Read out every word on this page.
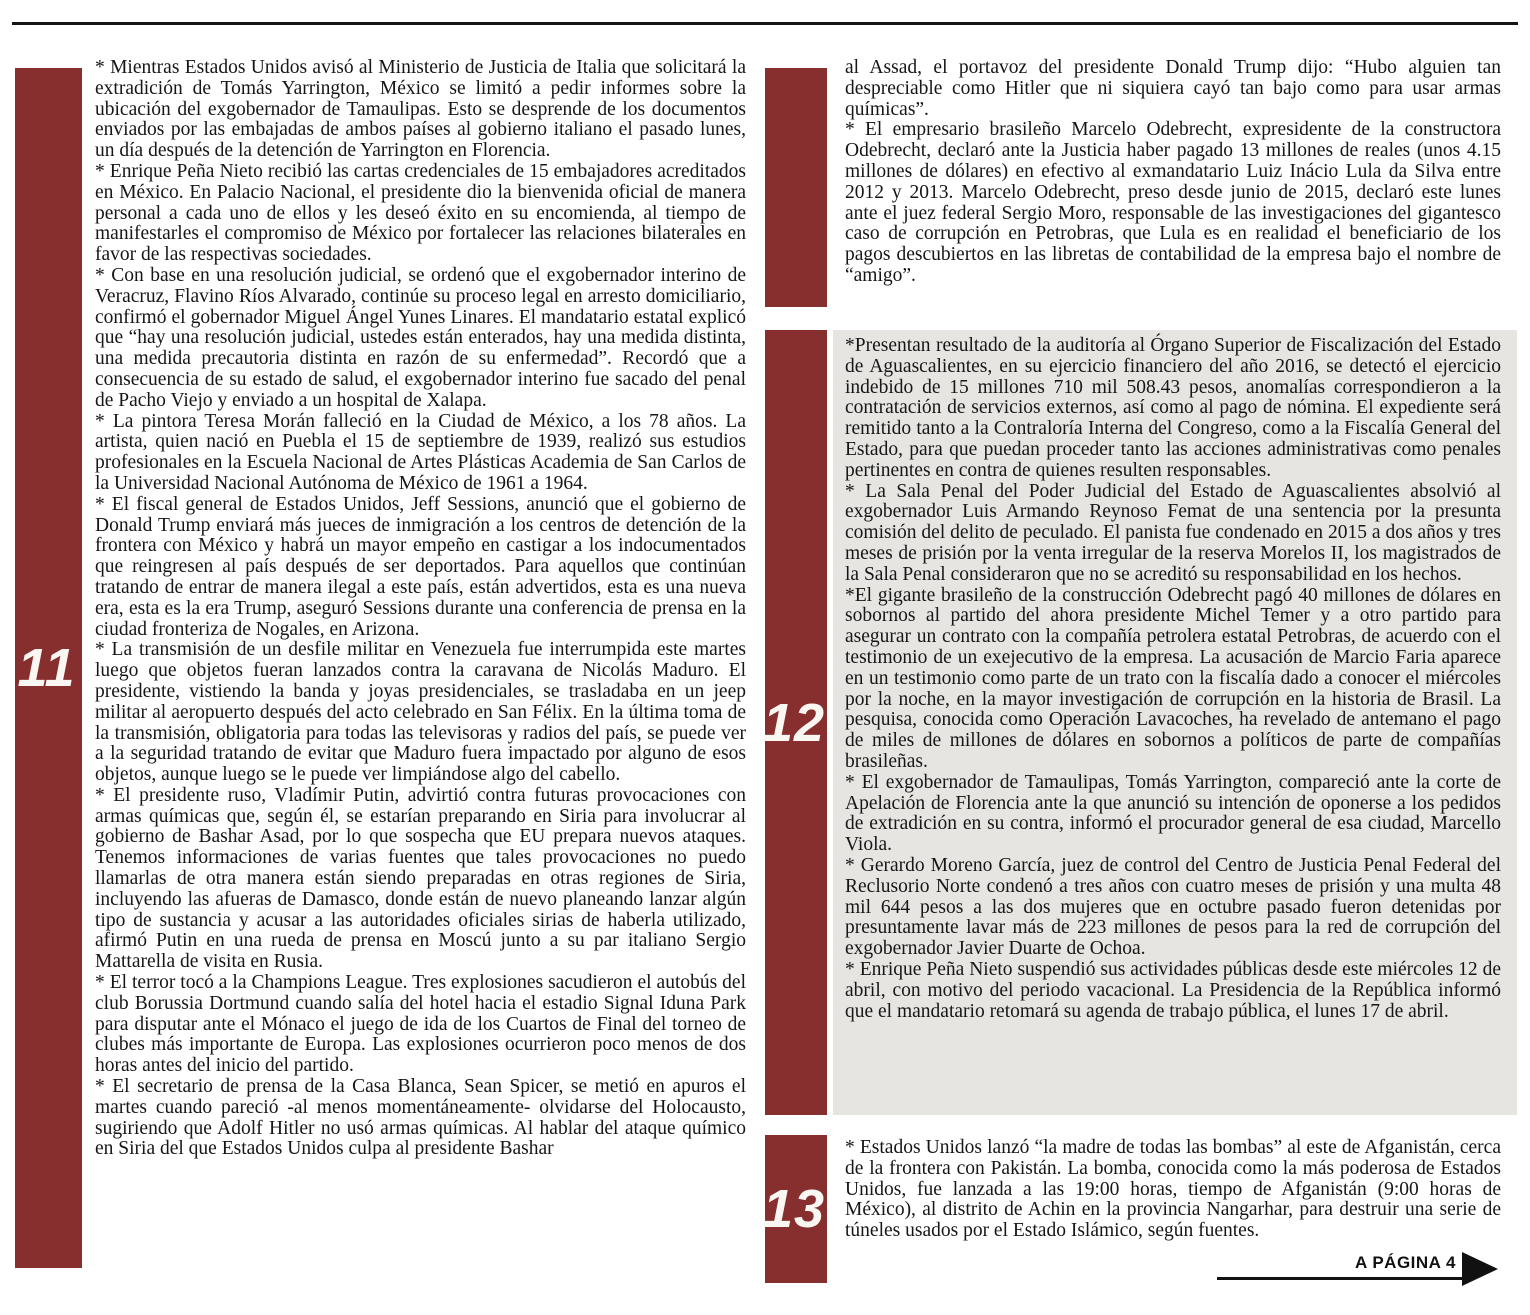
11

* Mientras Estados Unidos avisó al Ministerio de Justicia de Italia que solicitará la extradición de Tomás Yarrington, México se limitó a pedir informes sobre la ubicación del exgobernador de Tamaulipas. Esto se desprende de los documentos enviados por las embajadas de ambos países al gobierno italiano el pasado lunes, un día después de la detención de Yarrington en Florencia.

* Enrique Peña Nieto recibió las cartas credenciales de 15 embajadores acreditados en México. En Palacio Nacional, el presidente dio la bienvenida oficial de manera personal a cada uno de ellos y les deseó éxito en su encomienda, al tiempo de manifestarles el compromiso de México por fortalecer las relaciones bilaterales en favor de las respectivas sociedades.

* Con base en una resolución judicial, se ordenó que el exgobernador interino de Veracruz, Flavino Ríos Alvarado, continúe su proceso legal en arresto domiciliario, confirmó el gobernador Miguel Ángel Yunes Linares. El mandatario estatal explicó que “hay una resolución judicial, ustedes están enterados, hay una medida distinta, una medida precautoria distinta en razón de su enfermedad”. Recordó que a consecuencia de su estado de salud, el exgobernador interino fue sacado del penal de Pacho Viejo y enviado a un hospital de Xalapa.

* La pintora Teresa Morán falleció en la Ciudad de México, a los 78 años. La artista, quien nació en Puebla el 15 de septiembre de 1939, realizó sus estudios profesionales en la Escuela Nacional de Artes Plásticas Academia de San Carlos de la Universidad Nacional Autónoma de México de 1961 a 1964.

* El fiscal general de Estados Unidos, Jeff Sessions, anunció que el gobierno de Donald Trump enviará más jueces de inmigración a los centros de detención de la frontera con México y habrá un mayor empeño en castigar a los indocumentados que reingresen al país después de ser deportados. Para aquellos que continúan tratando de entrar de manera ilegal a este país, están advertidos, esta es una nueva era, esta es la era Trump, aseguró Sessions durante una conferencia de prensa en la ciudad fronteriza de Nogales, en Arizona.

* La transmisión de un desfile militar en Venezuela fue interrumpida este martes luego que objetos fueran lanzados contra la caravana de Nicolás Maduro. El presidente, vistiendo la banda y joyas presidenciales, se trasladaba en un jeep militar al aeropuerto después del acto celebrado en San Félix. En la última toma de la transmisión, obligatoria para todas las televisoras y radios del país, se puede ver a la seguridad tratando de evitar que Maduro fuera impactado por alguno de esos objetos, aunque luego se le puede ver limpiándose algo del cabello.

* El presidente ruso, Vladímir Putin, advirtió contra futuras provocaciones con armas químicas que, según él, se estarían preparando en Siria para involucrar al gobierno de Bashar Asad, por lo que sospecha que EU prepara nuevos ataques. Tenemos informaciones de varias fuentes que tales provocaciones no puedo llamarlas de otra manera están siendo preparadas en otras regiones de Siria, incluyendo las afueras de Damasco, donde están de nuevo planeando lanzar algún tipo de sustancia y acusar a las autoridades oficiales sirias de haberla utilizado, afirmó Putin en una rueda de prensa en Moscú junto a su par italiano Sergio Mattarella de visita en Rusia.

* El terror tocó a la Champions League. Tres explosiones sacudieron el autobús del club Borussia Dortmund cuando salía del hotel hacia el estadio Signal Iduna Park para disputar ante el Mónaco el juego de ida de los Cuartos de Final del torneo de clubes más importante de Europa. Las explosiones ocurrieron poco menos de dos horas antes del inicio del partido.

* El secretario de prensa de la Casa Blanca, Sean Spicer, se metió en apuros el martes cuando pareció -al menos momentáneamente- olvidarse del Holocausto, sugiriendo que Adolf Hitler no usó armas químicas. Al hablar del ataque químico en Siria del que Estados Unidos culpa al presidente Bashar

al Assad, el portavoz del presidente Donald Trump dijo: “Hubo alguien tan despreciable como Hitler que ni siquiera cayó tan bajo como para usar armas químicas”.

* El empresario brasileño Marcelo Odebrecht, expresidente de la constructora Odebrecht, declaró ante la Justicia haber pagado 13 millones de reales (unos 4.15 millones de dólares) en efectivo al exmandatario Luiz Inácio Lula da Silva entre 2012 y 2013. Marcelo Odebrecht, preso desde junio de 2015, declaró este lunes ante el juez federal Sergio Moro, responsable de las investigaciones del gigantesco caso de corrupción en Petrobras, que Lula es en realidad el beneficiario de los pagos descubiertos en las libretas de contabilidad de la empresa bajo el nombre de “amigo”.

12

*Presentan resultado de la auditoría al Órgano Superior de Fiscalización del Estado de Aguascalientes, en su ejercicio financiero del año 2016, se detectó el ejercicio indebido de 15 millones 710 mil 508.43 pesos, anomalías correspondieron a la contratación de servicios externos, así como al pago de nómina. El expediente será remitido tanto a la Contraloría Interna del Congreso, como a la Fiscalía General del Estado, para que puedan proceder tanto las acciones administrativas como penales pertinentes en contra de quienes resulten responsables.

* La Sala Penal del Poder Judicial del Estado de Aguascalientes absolvió al exgobernador Luis Armando Reynoso Femat de una sentencia por la presunta comisión del delito de peculado. El panista fue condenado en 2015 a dos años y tres meses de prisión por la venta irregular de la reserva Morelos II, los magistrados de la Sala Penal consideraron que no se acreditó su responsabilidad en los hechos.

*El gigante brasileño de la construcción Odebrecht pagó 40 millones de dólares en sobornos al partido del ahora presidente Michel Temer y a otro partido para asegurar un contrato con la compañía petrolera estatal Petrobras, de acuerdo con el testimonio de un exejecutivo de la empresa. La acusación de Marcio Faria aparece en un testimonio como parte de un trato con la fiscalía dado a conocer el miércoles por la noche, en la mayor investigación de corrupción en la historia de Brasil. La pesquisa, conocida como Operación Lavacoches, ha revelado de antemano el pago de miles de millones de dólares en sobornos a políticos de parte de compañías brasileñas.

* El exgobernador de Tamaulipas, Tomás Yarrington, compareció ante la corte de Apelación de Florencia ante la que anunció su intención de oponerse a los pedidos de extradición en su contra, informó el procurador general de esa ciudad, Marcello Viola.

* Gerardo Moreno García, juez de control del Centro de Justicia Penal Federal del Reclusorio Norte condenó a tres años con cuatro meses de prisión y una multa 48 mil 644 pesos a las dos mujeres que en octubre pasado fueron detenidas por presuntamente lavar más de 223 millones de pesos para la red de corrupción del exgobernador Javier Duarte de Ochoa.

* Enrique Peña Nieto suspendió sus actividades públicas desde este miércoles 12 de abril, con motivo del periodo vacacional. La Presidencia de la República informó que el mandatario retomará su agenda de trabajo pública, el lunes 17 de abril.

13

* Estados Unidos lanzó “la madre de todas las bombas” al este de Afganistán, cerca de la frontera con Pakistán. La bomba, conocida como la más poderosa de Estados Unidos, fue lanzada a las 19:00 horas, tiempo de Afganistán (9:00 horas de México), al distrito de Achin en la provincia Nangarhar, para destruir una serie de túneles usados por el Estado Islámico, según fuentes.

A PÁGINA 4
